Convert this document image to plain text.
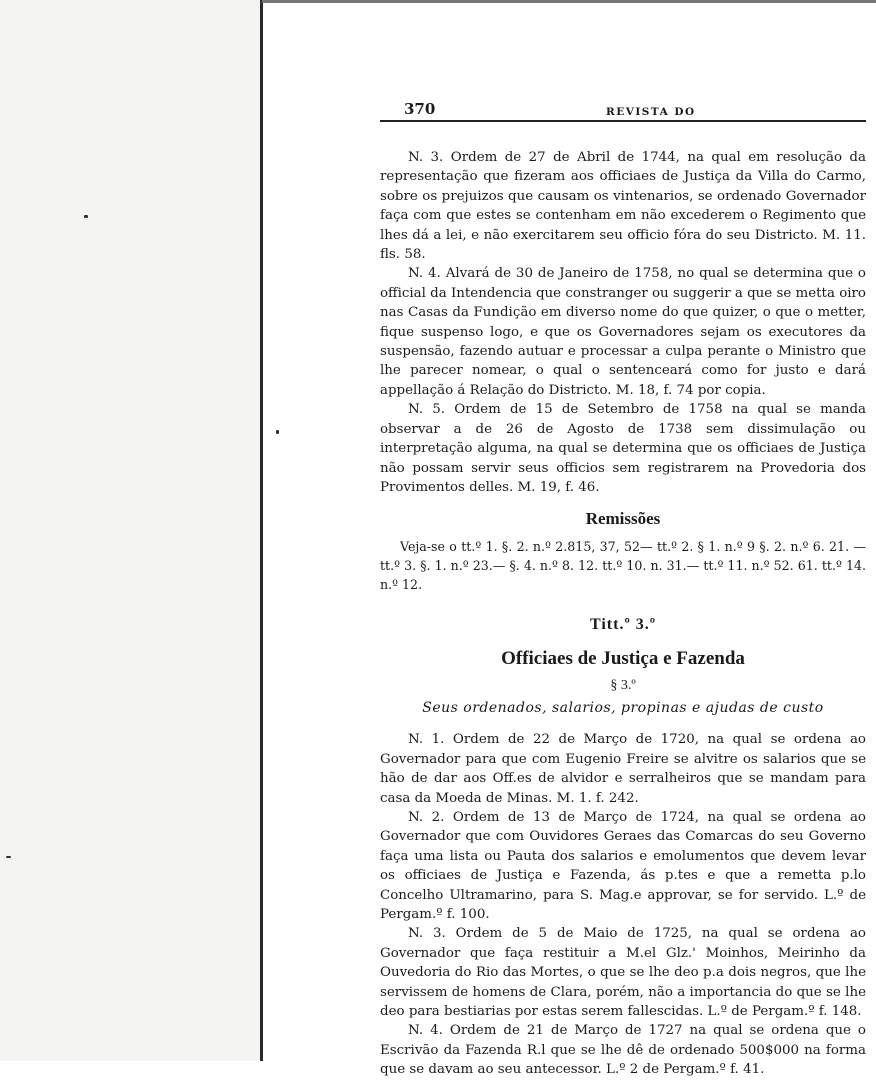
370	REVISTA DO

N. 3. Ordem de 27 de Abril de 1744, na qual em resolução da representação que fizeram aos officiaes de Justiça da Villa do Carmo, sobre os prejuizos que causam os vintenarios, se ordenado Governador faça com que estes se contenham em não excederem o Regimento que lhes dá a lei, e não exercitarem seu officio fóra do seu Districto. M. 11. fls. 58.

N. 4. Alvará de 30 de Janeiro de 1758, no qual se determina que o official da Intendencia que constranger ou suggerir a que se metta oiro nas Casas da Fundição em diverso nome do que quizer, o que o metter, fique suspenso logo, e que os Governadores sejam os executores da suspensão, fazendo autuar e processar a culpa perante o Ministro que lhe parecer nomear, o qual o sentenceará como for justo e dará appellação á Relação do Districto. M. 18, f. 74 por copia.

N. 5. Ordem de 15 de Setembro de 1758 na qual se manda observar a de 26 de Agosto de 1738 sem dissimulação ou interpretação alguma, na qual se determina que os officiaes de Justiça não possam servir seus officios sem registrarem na Provedoria dos Provimentos delles. M. 19, f. 46.

Remissões

Veja-se o tt.º 1. §. 2. n.º 2.815, 37, 52— tt.º 2. § 1. n.º 9 §. 2. n.º 6. 21. — tt.º 3. §. 1. n.º 23.— §. 4. n.º 8. 12. tt.º 10. n. 31.— tt.º 11. n.º 52. 61. tt.º 14. n.º 12.

Titt.º 3.º
Officiaes de Justiça e Fazenda

§ 3.º

Seus ordenados, salarios, propinas e ajudas de custo

N. 1. Ordem de 22 de Março de 1720, na qual se ordena ao Governador para que com Eugenio Freire se alvitre os salarios que se hão de dar aos Off.es de alvidor e serralheiros que se mandam para casa da Moeda de Minas. M. 1. f. 242.

N. 2. Ordem de 13 de Março de 1724, na qual se ordena ao Governador que com Ouvidores Geraes das Comarcas do seu Governo faça uma lista ou Pauta dos salarios e emolumentos que devem levar os officiaes de Justiça e Fazenda, ás p.tes e que a remetta p.lo Concelho Ultramarino, para S. Mag.e approvar, se for servido. L.º de Pergam.º f. 100.

N. 3. Ordem de 5 de Maio de 1725, na qual se ordena ao Governador que faça restituir a M.el Glz.' Moinhos, Meirinho da Ouvedoria do Rio das Mortes, o que se lhe deo p.a dois negros, que lhe servissem de homens de Clara, porém, não a importancia do que se lhe deo para bestiarias por estas serem fallescidas. L.º de Pergam.º f. 148.

N. 4. Ordem de 21 de Março de 1727 na qual se ordena que o Escrivão da Fazenda R.l que se lhe dê de ordenado 500$000 na forma que se davam ao seu antecessor. L.º 2 de Pergam.º f. 41.
